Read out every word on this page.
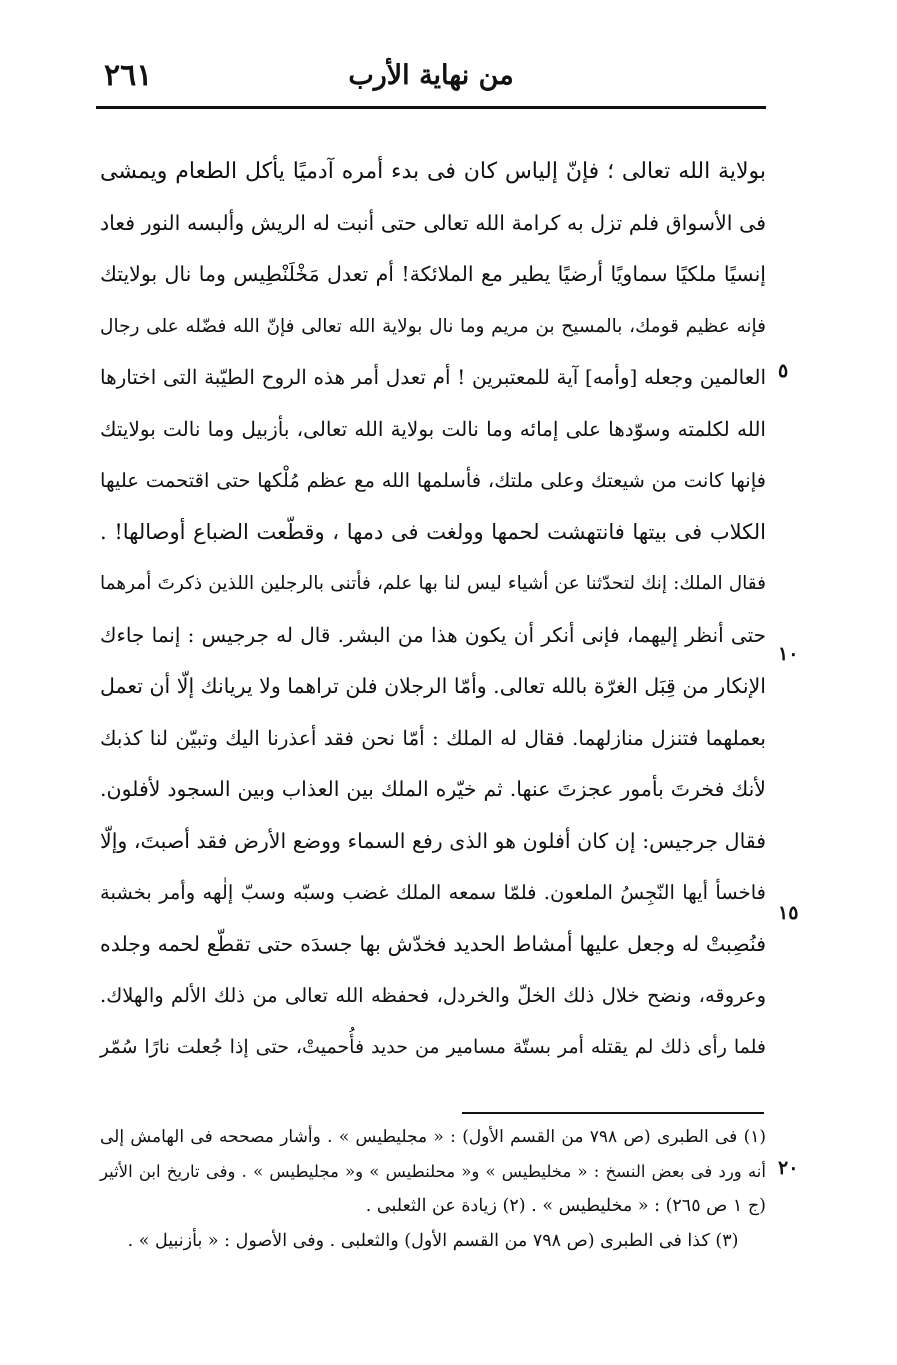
٢٦١	من نهاية الأرب
بولاية الله تعالى ؛ فإنّ إلياس كان فى بدء أمره آدميًا يأكل الطعام ويمشى
فى الأسواق فلم تزل به كرامة الله تعالى حتى أنبت له الريش وألبسه النور فعاد
إنسيًا ملكيًا سماويًا أرضيًا يطير مع الملائكة! أم تعدل مَخْلَنْطِيس وما نال بولايتك
فإنه عظيم قومك، بالمسيح بن مريم وما نال بولاية الله تعالى فإنّ الله فضّله على رجال
العالمين وجعله [وأمه] آية للمعتبرين ! أم تعدل أمر هذه الروح الطيّبة التى اختارها
الله لكلمته وسوّدها على إمائه وما نالت بولاية الله تعالى، بأزبيل وما نالت بولايتك
فإنها كانت من شيعتك وعلى ملتك، فأسلمها الله مع عظم مُلْكها حتى اقتحمت عليها
الكلاب فى بيتها فانتهشت لحمها وولغت فى دمها ، وقطّعت الضباع أوصالها! .
فقال الملك: إنك لتحدّثنا عن أشياء ليس لنا بها علم، فأتنى بالرجلين اللذين ذكرتَ أمرهما
حتى أنظر إليهما، فإنى أنكر أن يكون هذا من البشر. قال له جرجيس : إنما جاءك
الإنكار من قِبَل الغرّة بالله تعالى. وأمّا الرجلان فلن تراهما ولا يريانك إلّا أن تعمل
بعملهما فتنزل منازلهما. فقال له الملك : أمّا نحن فقد أعذرنا اليك وتبيّن لنا كذبك
لأنك فخرتَ بأمور عجزتَ عنها. ثم خيّره الملك بين العذاب وبين السجود لأفلون.
فقال جرجيس: إن كان أفلون هو الذى رفع السماء ووضع الأرض فقد أصبتَ، وإلّا
فاخسأ أيها النّجِسُ الملعون. فلمّا سمعه الملك غضب وسبّه وسبّ إلٰهه وأمر بخشبة
فنُصِبتْ له وجعل عليها أمشاط الحديد فخدّش بها جسدَه حتى تقطّع لحمه وجلده
وعروقه، ونضح خلال ذلك الخلّ والخردل، فحفظه الله تعالى من ذلك الألم والهلاك.
فلما رأى ذلك لم يقتله أمر بستّة مسامير من حديد فأُحميتْ، حتى إذا جُعلت نارًا سُمّر
٥
١٠
١٥
٢٠
(١) فى الطبرى (ص ٧٩٨ من القسم الأول) : « مجليطيس » . وأشار مصححه فى الهامش إلى
أنه ورد فى بعض النسخ : « مخليطيس » و« محلنطيس » و« مجليطيس » . وفى تاريخ ابن الأثير
(ج ١ ص ٢٦٥) : « مخليطيس » . (٢) زيادة عن الثعلبى .
(٣) كذا فى الطبرى (ص ٧٩٨ من القسم الأول) والثعلبى . وفى الأصول : « بأزنبيل » .
